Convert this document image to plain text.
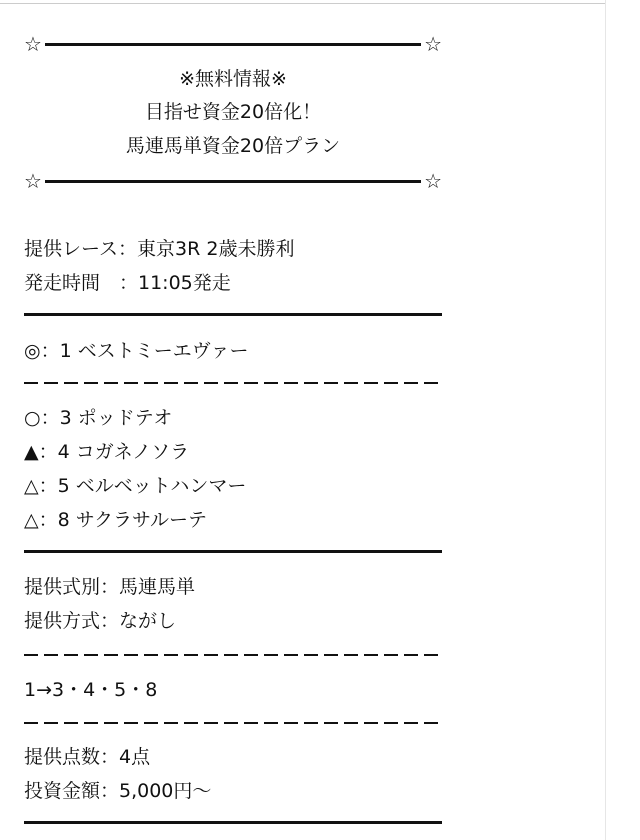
☆	☆
※無料情報※
目指せ資金20倍化！
馬連馬単資金20倍プラン
☆	☆
提供レース：東京3R 2歳未勝利
発走時間　：11:05発走
◎：1 ベストミーエヴァー
○：3 ポッドテオ
▲：4 コガネノソラ
△：5 ベルベットハンマー
△：8 サクラサルーテ
提供式別：馬連馬単
提供方式：ながし
1→3・4・5・8
提供点数：4点
投資金額：5,000円〜
